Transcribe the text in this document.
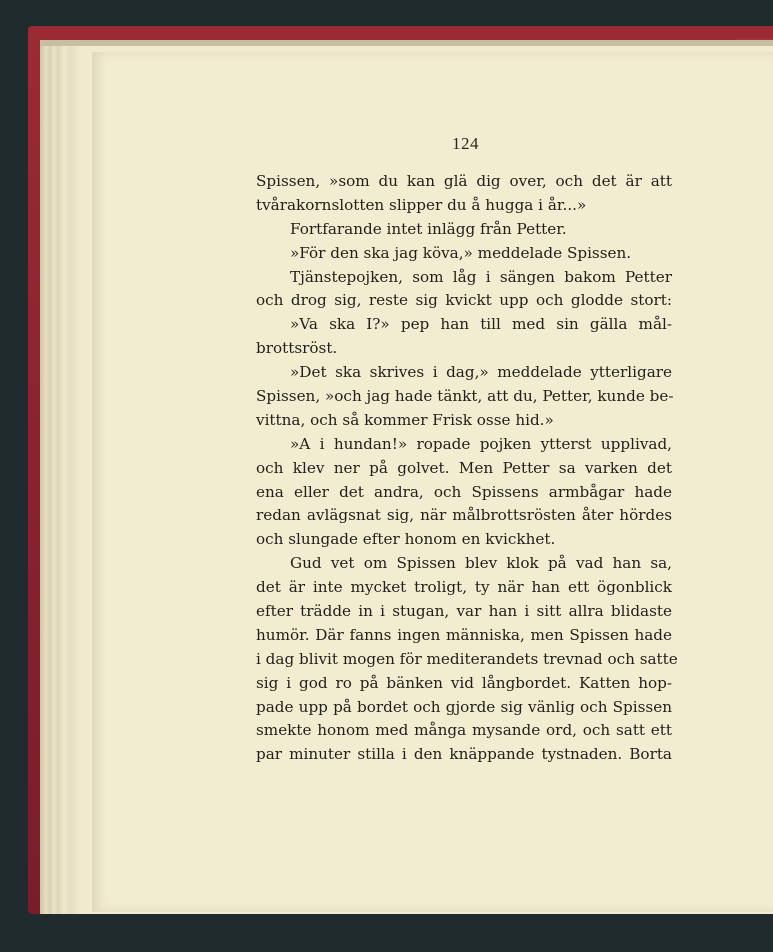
124
Spissen, »som du kan glä dig over, och det är att
tvårakornslotten slipper du å hugga i år...»
Fortfarande intet inlägg från Petter.
»För den ska jag köva,» meddelade Spissen.
Tjänstepojken, som låg i sängen bakom Petter
och drog sig, reste sig kvickt upp och glodde stort:
»Va ska I?» pep han till med sin gälla mål-
brottsröst.
»Det ska skrives i dag,» meddelade ytterligare
Spissen, »och jag hade tänkt, att du, Petter, kunde be-
vittna, och så kommer Frisk osse hid.»
»A i hundan!» ropade pojken ytterst upplivad,
och klev ner på golvet. Men Petter sa varken det
ena eller det andra, och Spissens armbågar hade
redan avlägsnat sig, när målbrottsrösten åter hördes
och slungade efter honom en kvickhet.
Gud vet om Spissen blev klok på vad han sa,
det är inte mycket troligt, ty när han ett ögonblick
efter trädde in i stugan, var han i sitt allra blidaste
humör. Där fanns ingen människa, men Spissen hade
i dag blivit mogen för mediterandets trevnad och satte
sig i god ro på bänken vid långbordet. Katten hop-
pade upp på bordet och gjorde sig vänlig och Spissen
smekte honom med många mysande ord, och satt ett
par minuter stilla i den knäppande tystnaden. Borta
